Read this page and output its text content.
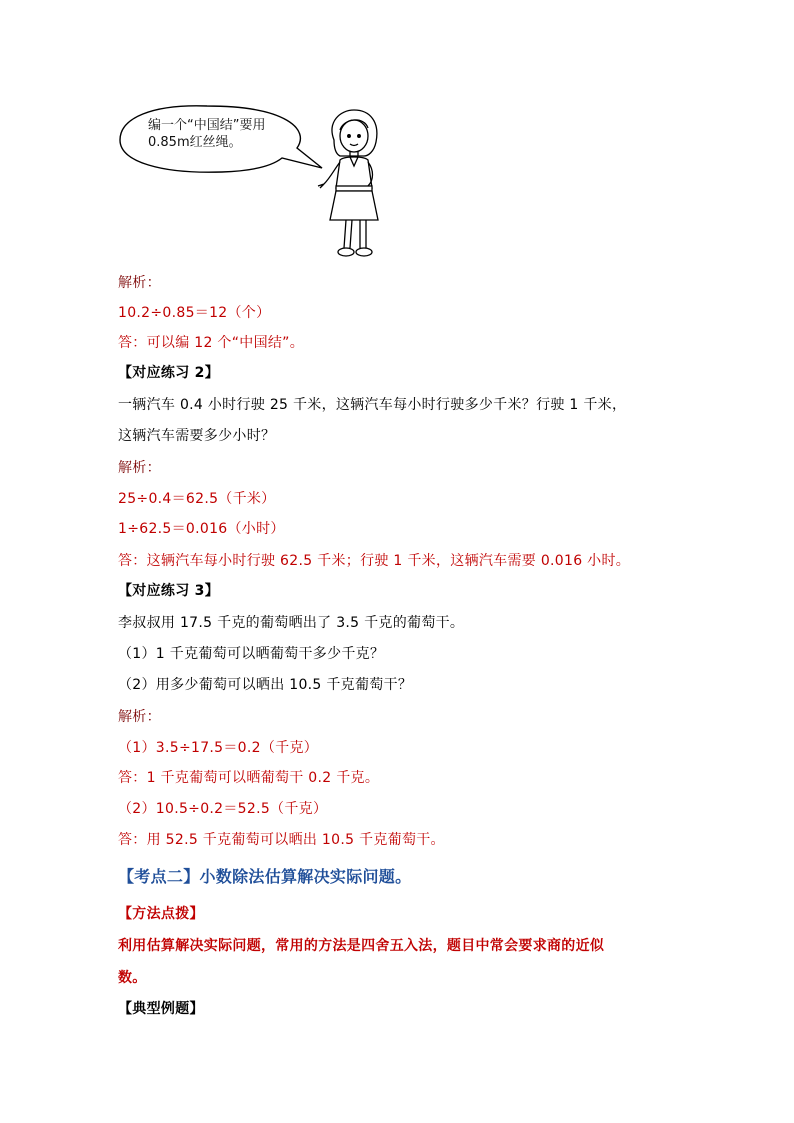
编一个“中国结”要用
0.85m红丝绳。
解析：
10.2÷0.85＝12（个）
答：可以编 12 个“中国结”。
【对应练习 2】
一辆汽车 0.4 小时行驶 25 千米，这辆汽车每小时行驶多少千米？行驶 1 千米，
这辆汽车需要多少小时？
解析：
25÷0.4＝62.5（千米）
1÷62.5＝0.016（小时）
答：这辆汽车每小时行驶 62.5 千米；行驶 1 千米，这辆汽车需要 0.016 小时。
【对应练习 3】
李叔叔用 17.5 千克的葡萄晒出了 3.5 千克的葡萄干。
（1）1 千克葡萄可以晒葡萄干多少千克？
（2）用多少葡萄可以晒出 10.5 千克葡萄干？
解析：
（1）3.5÷17.5＝0.2（千克）
答：1 千克葡萄可以晒葡萄干 0.2 千克。
（2）10.5÷0.2＝52.5（千克）
答：用 52.5 千克葡萄可以晒出 10.5 千克葡萄干。
【考点二】小数除法估算解决实际问题。
【方法点拨】
利用估算解决实际问题，常用的方法是四舍五入法，题目中常会要求商的近似
数。
【典型例题】
